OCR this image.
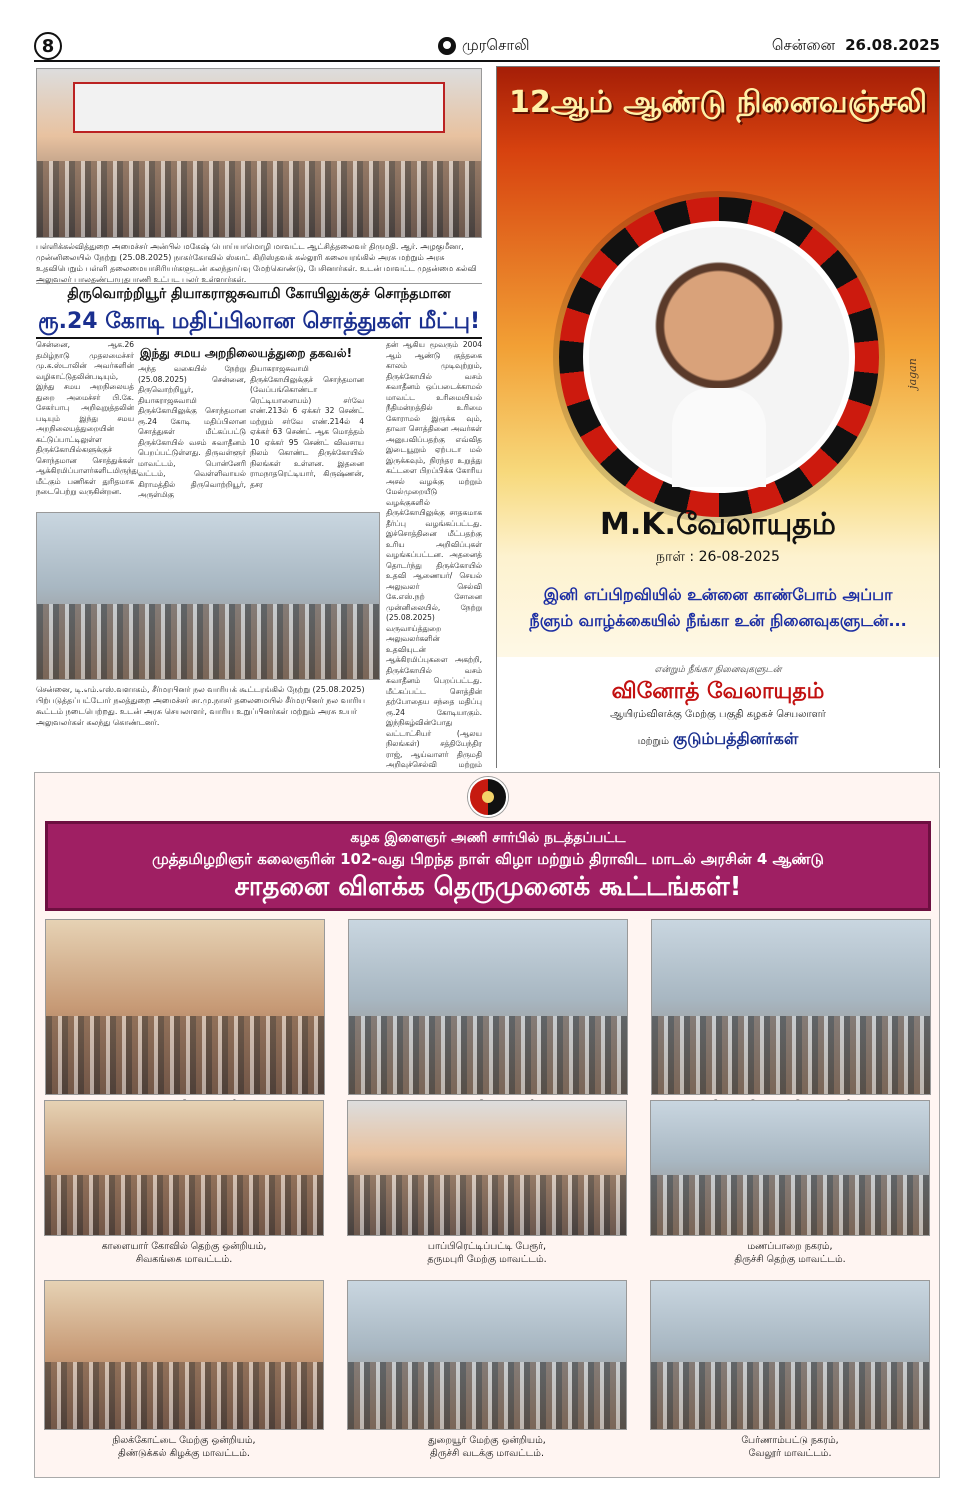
8	முரசொலி	சென்னை 26.08.2025
பள்ளிக்கல்வித்துறை அமைச்சர் அன்பில் மகேஷ் பொய்யாமொழி மாவட்ட ஆட்சித்தலைவர் திருமதி. ஆர். அழகுமீனா, முன்னிலையில் நேற்று (25.08.2025) நாகர்கோவில் ஸ்காட் கிறிஸ்தவக் கல்லூரி கலையரங்கில் அரசு மற்றும் அரசு உதவிபெறும் பள்ளி தலைமையாசிரியர்களுடன் கலந்தாய்வு மேற்கொண்டு, பேசினார்கள். உடன் மாவட்ட முதன்மை கல்வி அலுவலர் பாலதண்டாயுதபாணி உட்பட பலர் உள்ளார்கள்.
திருவொற்றியூர் தியாகராஜசுவாமி கோயிலுக்குச் சொந்தமான
ரூ.24 கோடி மதிப்பிலான சொத்துகள் மீட்பு!
இந்து சமய அறநிலையத்துறை தகவல்!
சென்னை, ஆக.26 தமிழ்நாடு முதலமைச்சர் மு.க.ஸ்டாலின் அவர்களின் வழிகாட்டுதலின்படியும், இந்து சமய அறநிலையத் துறை அமைச்சர் பி.கே. சேகர்பாபு அறிவுறுத்தலின் படியும் இந்து சமய அறநிலையத்துறையின் கட்டுப்பாட்டிலுள்ள திருக்கோயில்களுக்குச் சொந்தமான சொத்துக்கள் ஆக்கிரமிப்பாளர்களிடமிருந்து மீட்கும் பணிகள் துரிதமாக நடைபெற்று வருகின்றன.
அந்த வகையில் நேற்று (25.08.2025) சென்னை, திருவொற்றியூர், தியாகராஜசுவாமி திருக்கோயிலுக்கு சொந்தமான ரூ.24 கோடி மதிப்பிலான சொத்துகள் மீட்கப்பட்டு திருக்கோயில் வசம் சுவாதீனம் பெறப்பட்டுள்ளது. திருவள்ளூர் மாவட்டம், பொன்னேரி வட்டம், வெள்ளிவாயல் கிராமத்தில் திருவொற்றியூர், அருள்மிகு
தியாகராஜசுவாமி திருக்கோயிலுக்குச் சொந்தமான (வேப்பங்கொண்டா ரெட்டியாளையம்) சர்வே எண்.213ல் 6 ஏக்கர் 32 செண்ட் மற்றும் சர்வே எண்.214ல் 4 ஏக்கர் 63 செண்ட் ஆக மொத்தம் 10 ஏக்கர் 95 செண்ட் விவசாய நிலம் கொண்ட திருக்கோயில் நிலங்கள் உள்ளன. இதனை ராமநாதரெட்டியார், கிருஷ்ணன், தசர
தன் ஆகிய மூவரும் 2004 ஆம் ஆண்டு குத்தகை காலம் முடிவுற்றும், திருக்கோயில் வசம் சுவாதீனம் ஒப்படைக்காமல் மாவட்ட உரிமையியல் நீதிமன்றத்தில் உரிமை கோராமல் இருக்க வும், தாவா சொத்தினை அவர்கள் அனுபவிப்பதற்கு எவ்வித இடையூறும் ஏற்படா மல் இருக்கவும், நிரந்தர உறுத்து கட்டளை பிறப்பிக்க கோரிய அசல் வழக்கு மற்றும் மேல்முறையீடு வழக்குகளில் திருக்கோயிலுக்கு சாதகமாக தீர்ப்பு வழங்கப்பட்டது. இச்சொத்தினை மீட்பதற்கு உரிய அறிவிப்புகள் வழங்கப்பட்டன. அதனைத் தொடர்ந்து திருக்கோயில் உதவி ஆணையர்/ செயல் அலுவலர் செல்வி கே.எஸ்.நற் சோனை முன்னிலையில், நேற்று (25.08.2025) வருவாய்த்துறை அலுவலர்களின் உதவியுடன் ஆக்கிரமிப்புகளை அகற்றி, திருக்கோயில் வசம் சுவாதீனம் பெறப்பட்டது. மீட்கப்பட்ட சொத்தின் தற்போதைய சந்தை மதிப்பு ரூ.24 கோடியாகும். இந்நிகழ்வின்போது வட்டாட்சியர் (ஆலய நிலங்கள்) சத்தியேந்திர ராஜ், ஆய்வாளர் திருமதி அறிவுச்செல்வி மற்றும்
சென்னை, டி.எம்.எஸ்.வளாகம், சீர்மரபினர் நல வாரியக் கூட்டரங்கில் நேற்று (25.08.2025) பிற்படுத்தப்பட்டோர் நலத்துறை அமைச்சர் சா.மு.நாசர் தலைமையில் சீர்மரபினர் நல வாரிய கூட்டம் நடைபெற்றது. உடன் அரசு செயலாளர், வாரிய உறுப்பினர்கள் மற்றும் அரசு உயர் அலுவலர்கள் கலந்து கொண்டனர்.
12ஆம் ஆண்டு நினைவஞ்சலி
jagan
M.K.வேலாயுதம்
நாள் : 26-08-2025
இனி எப்பிறவியில் உன்னை காண்போம் அப்பா
நீளும் வாழ்க்கையில் நீங்கா உன் நினைவுகளுடன்...
என்றும் நீங்கா நினைவுகளுடன்
வினோத் வேலாயுதம்
ஆயிரம்விளக்கு மேற்கு பகுதி கழகச் செயலாளர்
மற்றும் குடும்பத்தினர்கள்
கழக இளைஞர் அணி சார்பில் நடத்தப்பட்ட
முத்தமிழறிஞர் கலைஞரின் 102-வது பிறந்த நாள் விழா மற்றும் திராவிட மாடல் அரசின் 4 ஆண்டு
சாதனை விளக்க தெருமுனைக் கூட்டங்கள்!
காளையார் கோவில் தெற்கு ஒன்றியம்,
சிவகங்கை மாவட்டம்.
பாப்பிரெட்டிப்பட்டி பேரூர்,
தருமபுரி மேற்கு மாவட்டம்.
மணப்பாறை நகரம்,
திருச்சி தெற்கு மாவட்டம்.
நிலக்கோட்டை மேற்கு ஒன்றியம்,
திண்டுக்கல் கிழக்கு மாவட்டம்.
துறையூர் மேற்கு ஒன்றியம்,
திருச்சி வடக்கு மாவட்டம்.
பேர்ணாம்பட்டு நகரம்,
வேலூர் மாவட்டம்.
